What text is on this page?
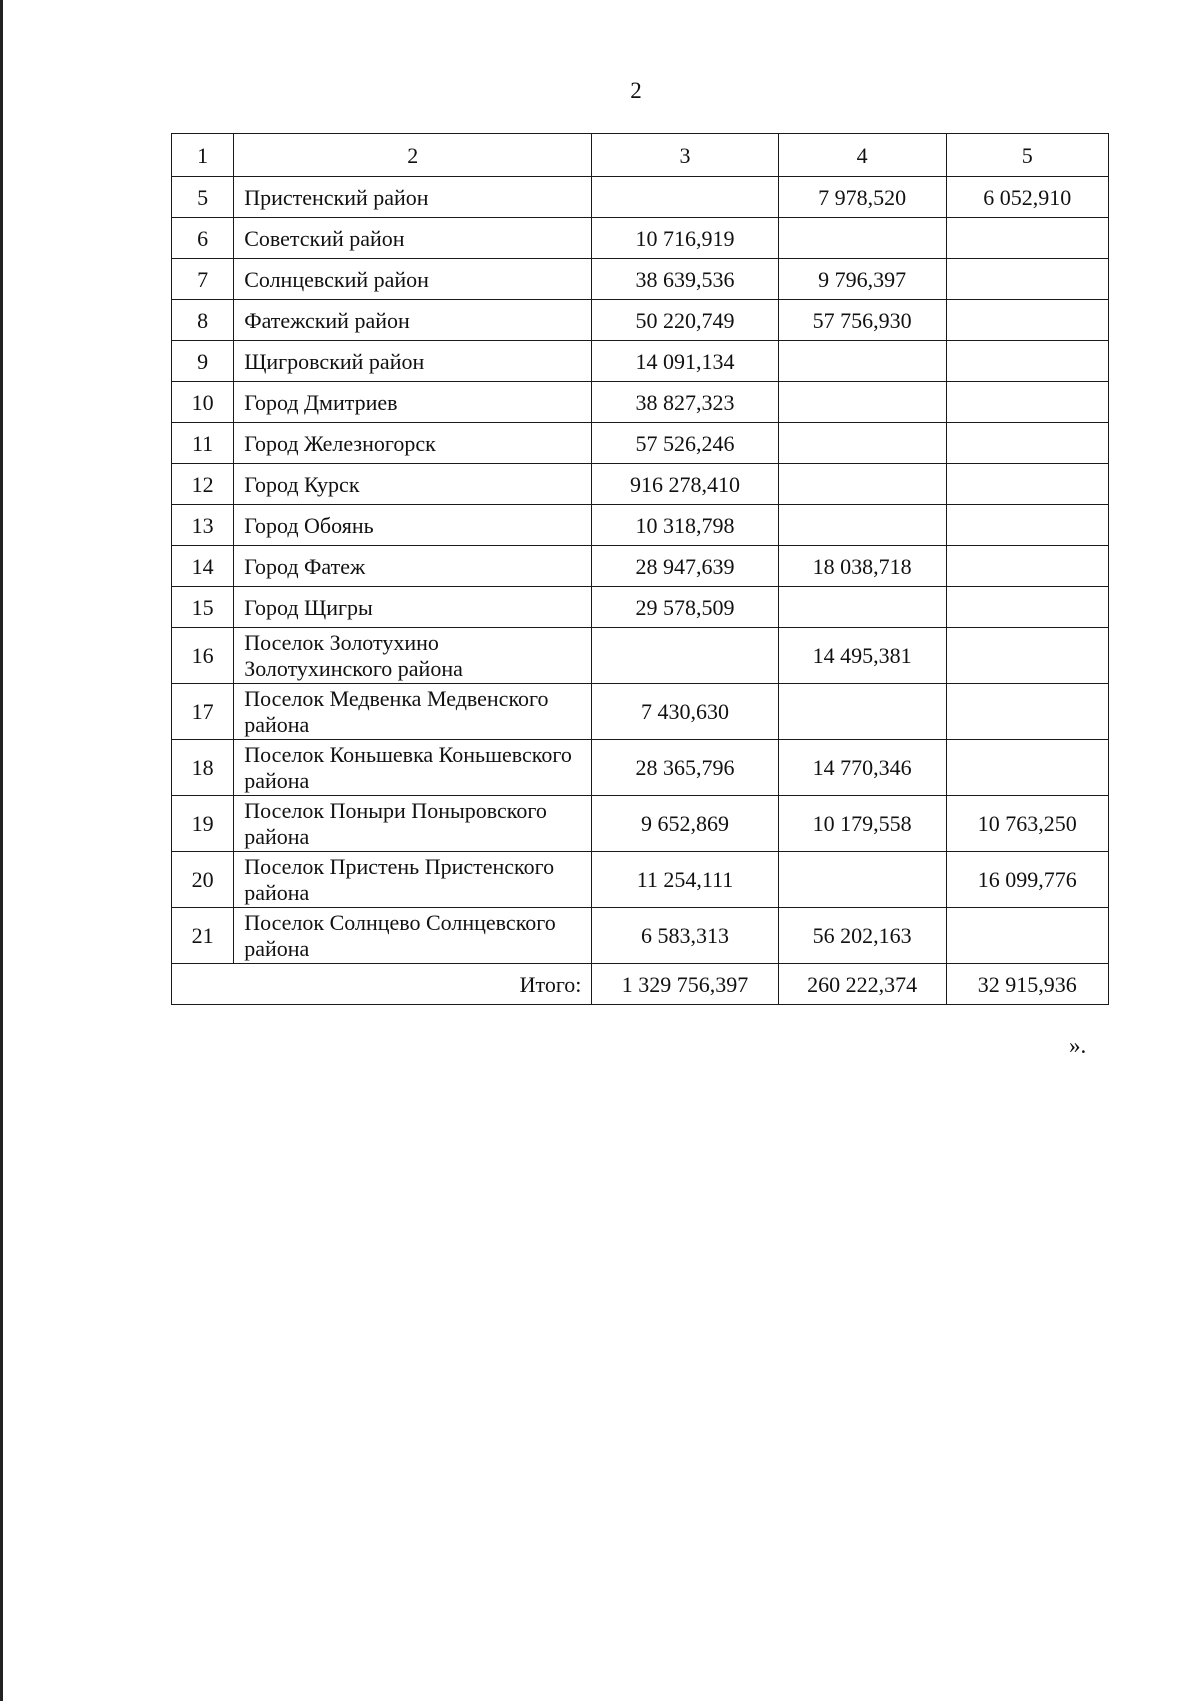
2
1	2	3	4	5
5	Пристенский район		7 978,520	6 052,910
6	Советский район	10 716,919		
7	Солнцевский район	38 639,536	9 796,397	
8	Фатежский район	50 220,749	57 756,930	
9	Щигровский район	14 091,134		
10	Город Дмитриев	38 827,323		
11	Город Железногорск	57 526,246		
12	Город Курск	916 278,410		
13	Город Обоянь	10 318,798		
14	Город Фатеж	28 947,639	18 038,718	
15	Город Щигры	29 578,509		
16	Поселок Золотухино Золотухинского района		14 495,381	
17	Поселок Медвенка Медвенского района	7 430,630		
18	Поселок Коньшевка Коньшевского района	28 365,796	14 770,346	
19	Поселок Поныри Поныровского района	9 652,869	10 179,558	10 763,250
20	Поселок Пристень Пристенского района	11 254,111		16 099,776
21	Поселок Солнцево Солнцевского района	6 583,313	56 202,163	
Итого:		1 329 756,397	260 222,374	32 915,936
».
